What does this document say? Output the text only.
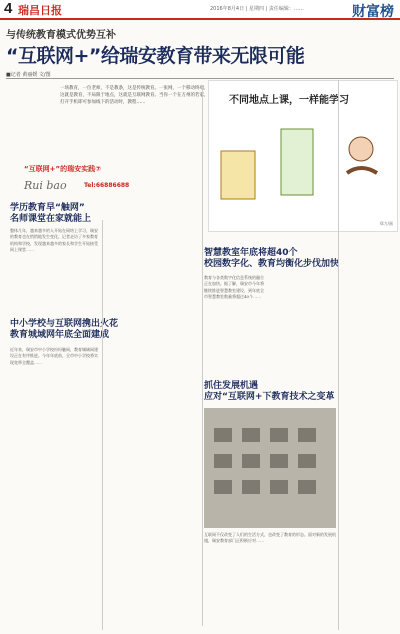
4 瑞昌日报	2016年8月4日 | 星期四 | 责任编辑：……	财富榜
与传统教育模式优势互补
“互联网+”给瑞安教育带来无限可能
■记者 黄丽媛 文/图
一场教育，一位老师，不是教条，这是传统教育。一张网，一个移动终端，这就是教育，不局限于地点，这就是互联网教育。当你一个在万州的若家，打开手机即可参加线下的活动时，教程……	不同地点上课，一样能学习
郑力/画
“互联网+”的瑞安实践⑦
Rui bao	Tel:66886688
学历教育早“触网”
名师课堂在家就能上
整体几年，越来越多的人开始在网络上学习，瑞安的教育也在悄悄地发生变化。记者走访了多家教育机构和学校，发现越来越多的家长和学生开始接受网上课堂……	智慧教室年底将超40个
校园数字化、教育均衡化步伐加快
教育与各类数字化信息系统的融合正在加快。据了解，瑞安市今年将继续推进智慧教室建设，到年底全市智慧教室数量将超过40个……
中小学校与互联网携出火花
教育城域网年底全面建成
近年来，瑞安市中小学校纷纷触网，教育城域网建设正在有序推进。今年年底前，全市中小学校将实现宽带全覆盖……
抓住发展机遇
应对“互联网+下教育技术之变革
互联网不仅改变了人们的生活方式，也改变了教育的形态。面对新的发展机遇，瑞安教育部门正积极应对……
